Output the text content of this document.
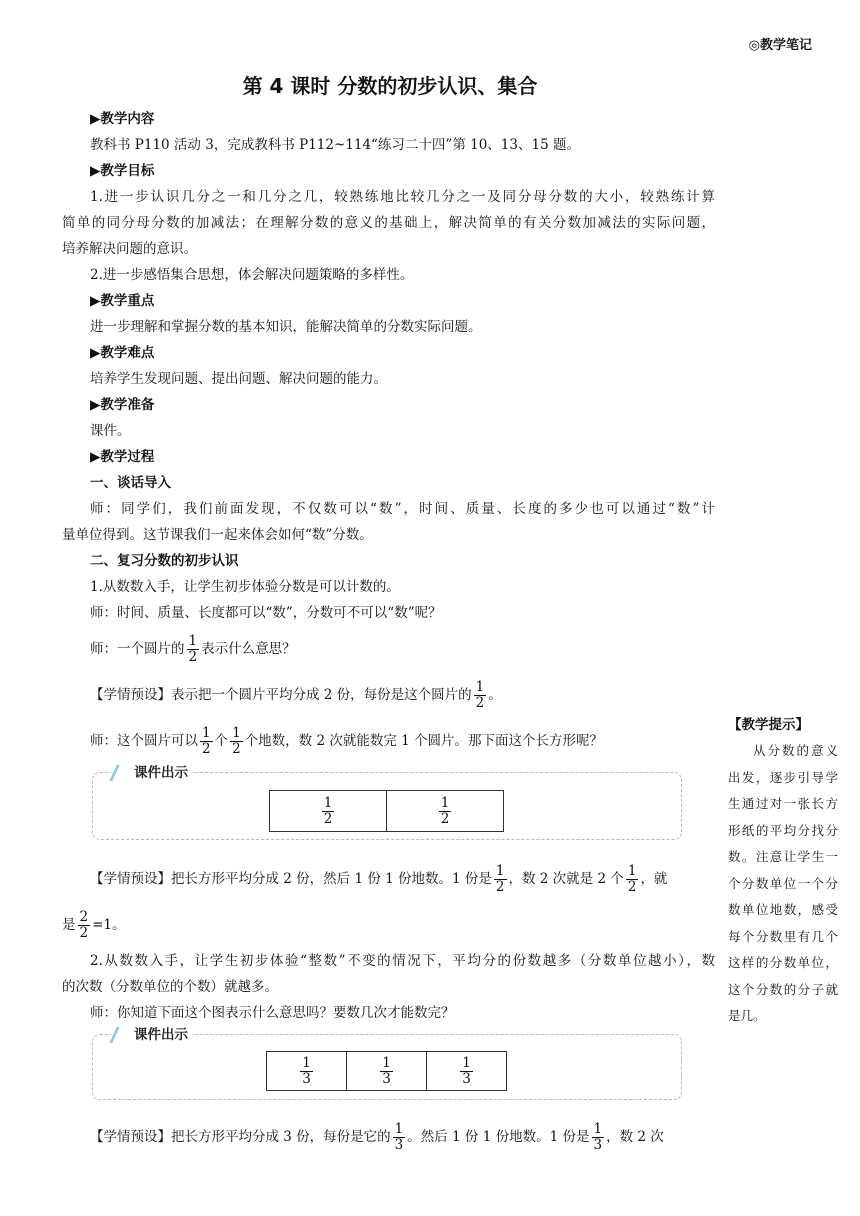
◎教学笔记
第 4 课时 分数的初步认识、集合
▶教学内容
教科书 P110 活动 3，完成教科书 P112~114“练习二十四”第 10、13、15 题。
▶教学目标
1.进一步认识几分之一和几分之几，较熟练地比较几分之一及同分母分数的大小，较熟练计算
简单的同分母分数的加减法；在理解分数的意义的基础上，解决简单的有关分数加减法的实际问题，
培养解决问题的意识。
2.进一步感悟集合思想，体会解决问题策略的多样性。
▶教学重点
进一步理解和掌握分数的基本知识，能解决简单的分数实际问题。
▶教学难点
培养学生发现问题、提出问题、解决问题的能力。
▶教学准备
课件。
▶教学过程
一、谈话导入
师：同学们，我们前面发现，不仅数可以“数”，时间、质量、长度的多少也可以通过“数”计
量单位得到。这节课我们一起来体会如何“数”分数。
二、复习分数的初步认识
1.从数数入手，让学生初步体验分数是可以计数的。
师：时间、质量、长度都可以“数”，分数可不可以“数”呢？
师：一个圆片的 $\frac{1}{2}$ 表示什么意思？
【学情预设】表示把一个圆片平均分成 2 份，每份是这个圆片的 $\frac{1}{2}$ 。
师：这个圆片可以 $\frac{1}{2}$ 个 $\frac{1}{2}$ 个地数，数 2 次就能数完 1 个圆片。那下面这个长方形呢？
【学情预设】把长方形平均分成 2 份，然后 1 份 1 份地数。1 份是 $\frac{1}{2}$ ，数 2 次就是 2 个 $\frac{1}{2}$ ，就
是 $\frac{2}{2} =1$。
2.从数数入手，让学生初步体验“整数”不变的情况下，平均分的份数越多（分数单位越小），数
的次数（分数单位的个数）就越多。
师：你知道下面这个图表示什么意思吗？要数几次才能数完？
【学情预设】把长方形平均分成 3 份，每份是它的 $\frac{1}{3}$ 。然后 1 份 1 份地数。1 份是 $\frac{1}{3}$ ，数 2 次
课件出示
$\frac{1}{2}$	$\frac{1}{2}$
课件出示
$\frac{1}{3}$	$\frac{1}{3}$	$\frac{1}{3}$
【教学提示】
从分数的意义出发，逐步引导学生通过对一张长方形纸的平均分找分数。注意让学生一个分数单位一个分数单位地数，感受每个分数里有几个这样的分数单位，这个分数的分子就是几。
